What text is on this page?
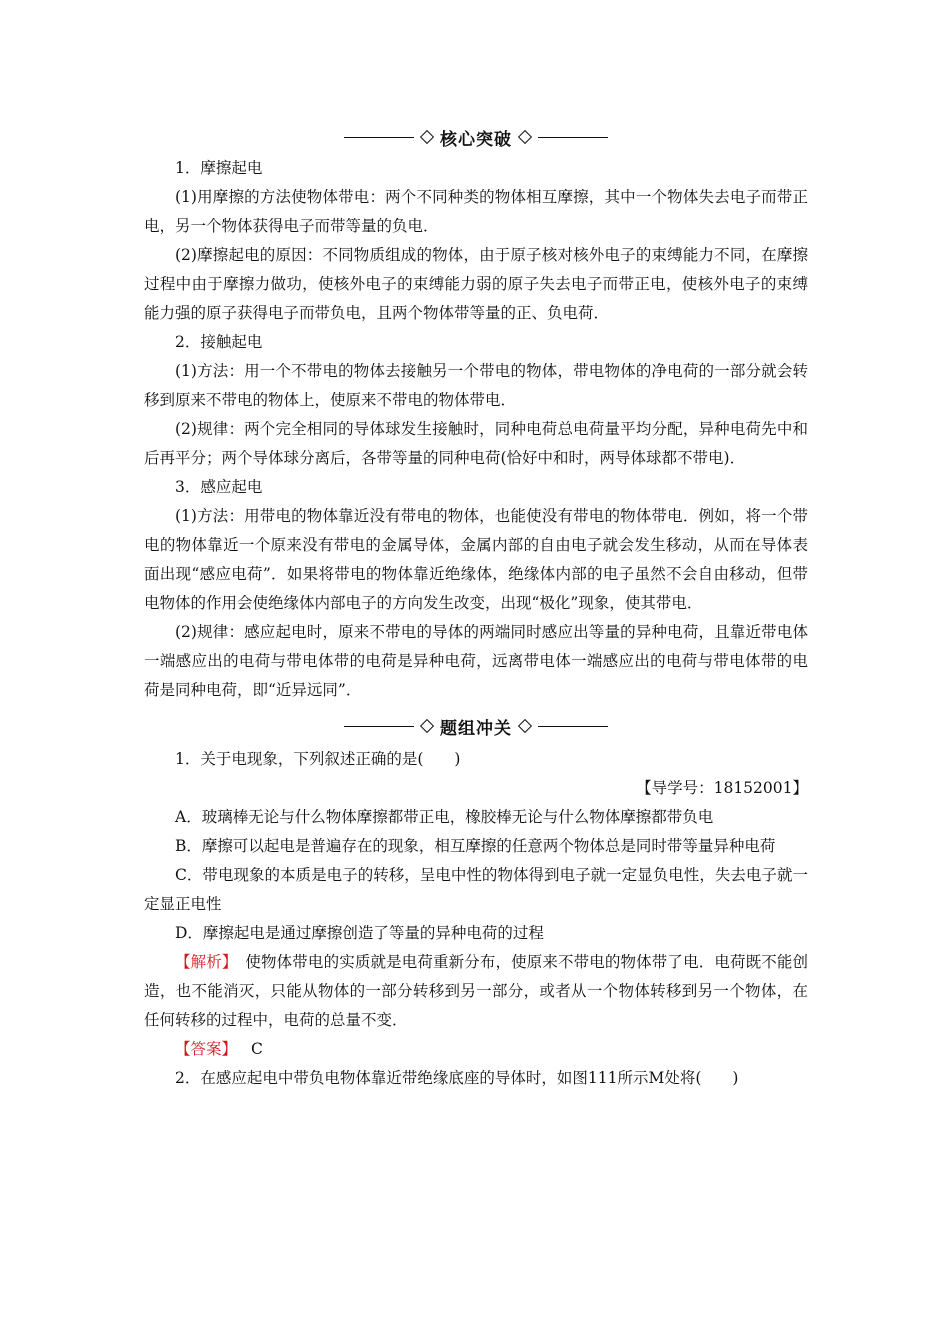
核心突破

1．摩擦起电

(1)用摩擦的方法使物体带电：两个不同种类的物体相互摩擦，其中一个物体失去电子而带正电，另一个物体获得电子而带等量的负电．

(2)摩擦起电的原因：不同物质组成的物体，由于原子核对核外电子的束缚能力不同，在摩擦过程中由于摩擦力做功，使核外电子的束缚能力弱的原子失去电子而带正电，使核外电子的束缚能力强的原子获得电子而带负电，且两个物体带等量的正、负电荷．

2．接触起电

(1)方法：用一个不带电的物体去接触另一个带电的物体，带电物体的净电荷的一部分就会转移到原来不带电的物体上，使原来不带电的物体带电．

(2)规律：两个完全相同的导体球发生接触时，同种电荷总电荷量平均分配，异种电荷先中和后再平分；两个导体球分离后，各带等量的同种电荷(恰好中和时，两导体球都不带电)．

3．感应起电

(1)方法：用带电的物体靠近没有带电的物体，也能使没有带电的物体带电．例如，将一个带电的物体靠近一个原来没有带电的金属导体，金属内部的自由电子就会发生移动，从而在导体表面出现“感应电荷”．如果将带电的物体靠近绝缘体，绝缘体内部的电子虽然不会自由移动，但带电物体的作用会使绝缘体内部电子的方向发生改变，出现“极化”现象，使其带电．

(2)规律：感应起电时，原来不带电的导体的两端同时感应出等量的异种电荷，且靠近带电体一端感应出的电荷与带电体带的电荷是异种电荷，远离带电体一端感应出的电荷与带电体带的电荷是同种电荷，即“近异远同”．

题组冲关

1．关于电现象，下列叙述正确的是(　　)

【导学号：18152001】

A．玻璃棒无论与什么物体摩擦都带正电，橡胶棒无论与什么物体摩擦都带负电

B．摩擦可以起电是普遍存在的现象，相互摩擦的任意两个物体总是同时带等量异种电荷

C．带电现象的本质是电子的转移，呈电中性的物体得到电子就一定显负电性，失去电子就一定显正电性

D．摩擦起电是通过摩擦创造了等量的异种电荷的过程

【解析】　使物体带电的实质就是电荷重新分布，使原来不带电的物体带了电．电荷既不能创造，也不能消灭，只能从物体的一部分转移到另一部分，或者从一个物体转移到另一个物体，在任何转移的过程中，电荷的总量不变．

【答案】 C

2．在感应起电中带负电物体靠近带绝缘底座的导体时，如图111所示M处将(　　)
